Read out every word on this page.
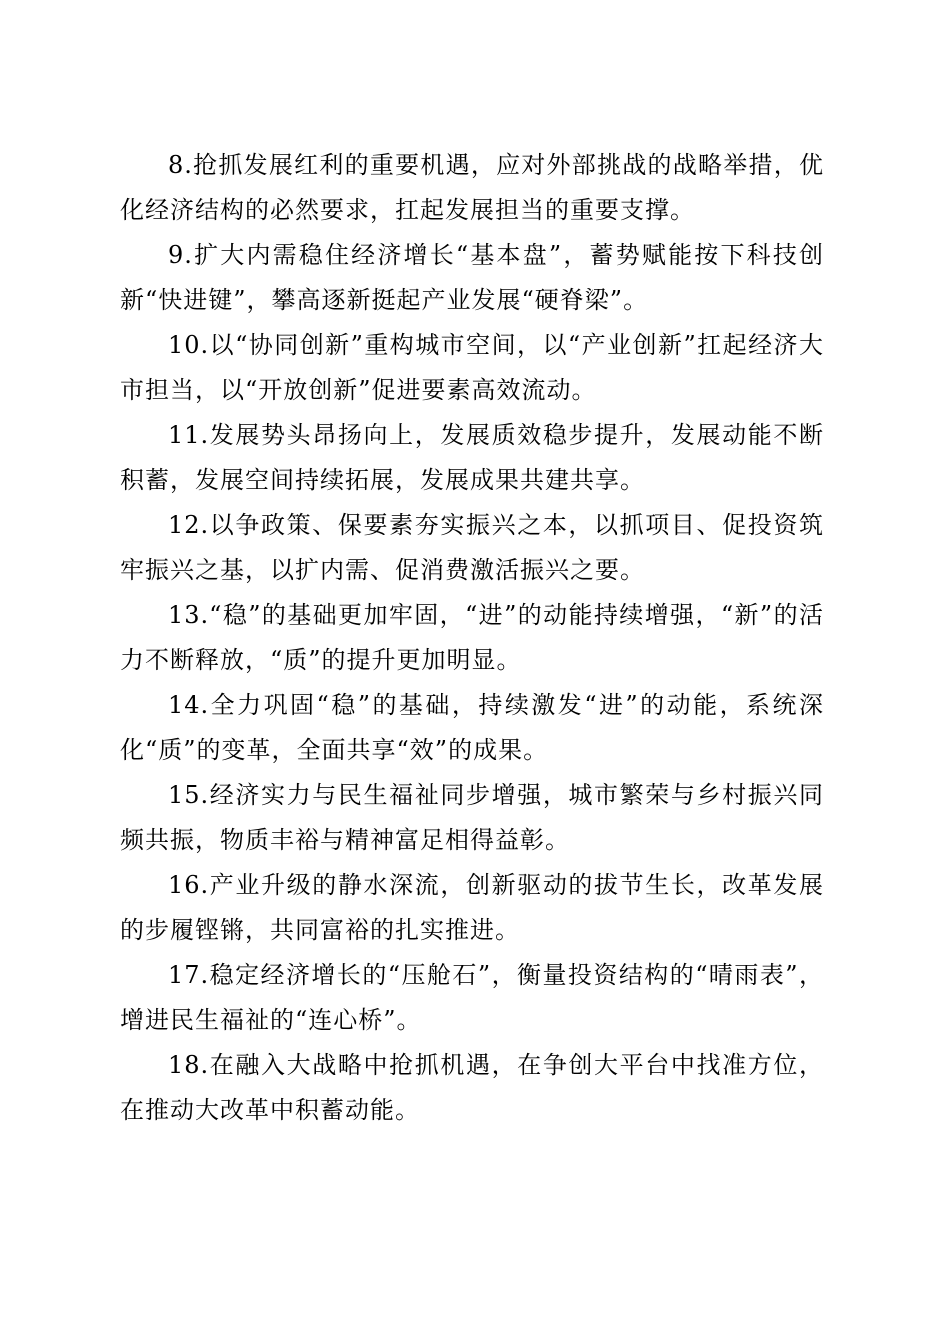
8.抢抓发展红利的重要机遇，应对外部挑战的战略举措，优化经济结构的必然要求，扛起发展担当的重要支撑。

9.扩大内需稳住经济增长“基本盘”，蓄势赋能按下科技创新“快进键”，攀高逐新挺起产业发展“硬脊梁”。

10.以“协同创新”重构城市空间，以“产业创新”扛起经济大市担当，以“开放创新”促进要素高效流动。

11.发展势头昂扬向上，发展质效稳步提升，发展动能不断积蓄，发展空间持续拓展，发展成果共建共享。

12.以争政策、保要素夯实振兴之本，以抓项目、促投资筑牢振兴之基，以扩内需、促消费激活振兴之要。

13.“稳”的基础更加牢固，“进”的动能持续增强，“新”的活力不断释放，“质”的提升更加明显。

14.全力巩固“稳”的基础，持续激发“进”的动能，系统深化“质”的变革，全面共享“效”的成果。

15.经济实力与民生福祉同步增强，城市繁荣与乡村振兴同频共振，物质丰裕与精神富足相得益彰。

16.产业升级的静水深流，创新驱动的拔节生长，改革发展的步履铿锵，共同富裕的扎实推进。

17.稳定经济增长的“压舱石”，衡量投资结构的“晴雨表”，增进民生福祉的“连心桥”。

18.在融入大战略中抢抓机遇，在争创大平台中找准方位，在推动大改革中积蓄动能。
